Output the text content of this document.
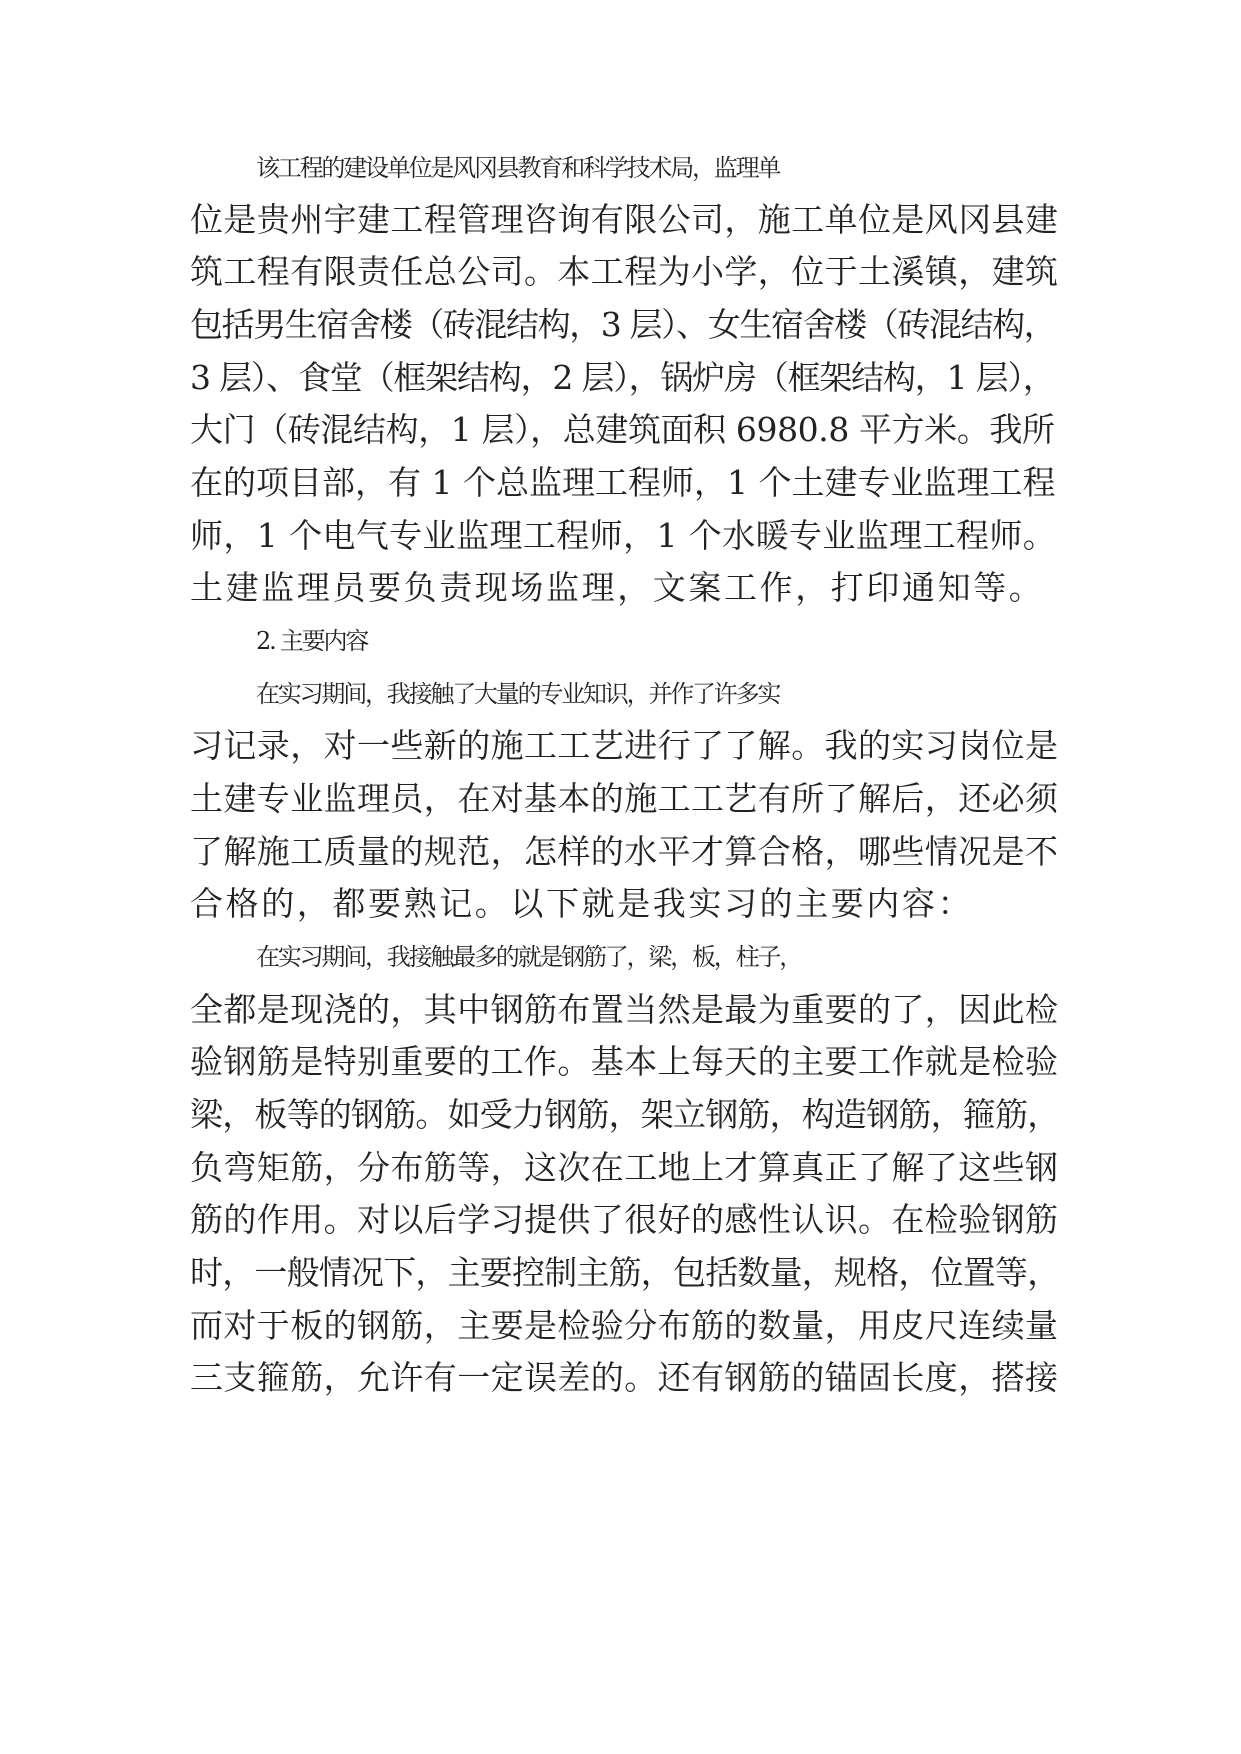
该工程的建设单位是风冈县教育和科学技术局，监理单
位是贵州宇建工程管理咨询有限公司，施工单位是风冈县建
筑工程有限责任总公司。本工程为小学，位于土溪镇，建筑
包括男生宿舍楼（砖混结构，3 层）、女生宿舍楼（砖混结构，
3 层）、食堂（框架结构，2 层），锅炉房（框架结构，1 层），
大门（砖混结构，1 层），总建筑面积 6980.8 平方米。我所
在的项目部，有 1 个总监理工程师，1 个土建专业监理工程
师，1 个电气专业监理工程师，1 个水暖专业监理工程师。
土建监理员要负责现场监理，文案工作，打印通知等。
2. 主要内容
在实习期间，我接触了大量的专业知识，并作了许多实
习记录，对一些新的施工工艺进行了了解。我的实习岗位是
土建专业监理员，在对基本的施工工艺有所了解后，还必须
了解施工质量的规范，怎样的水平才算合格，哪些情况是不
合格的，都要熟记。以下就是我实习的主要内容：
在实习期间，我接触最多的就是钢筋了，梁，板，柱子，
全都是现浇的，其中钢筋布置当然是最为重要的了，因此检
验钢筋是特别重要的工作。基本上每天的主要工作就是检验
梁，板等的钢筋。如受力钢筋，架立钢筋，构造钢筋，箍筋，
负弯矩筋，分布筋等，这次在工地上才算真正了解了这些钢
筋的作用。对以后学习提供了很好的感性认识。在检验钢筋
时，一般情况下，主要控制主筋，包括数量，规格，位置等，
而对于板的钢筋，主要是检验分布筋的数量，用皮尺连续量
三支箍筋，允许有一定误差的。还有钢筋的锚固长度，搭接
